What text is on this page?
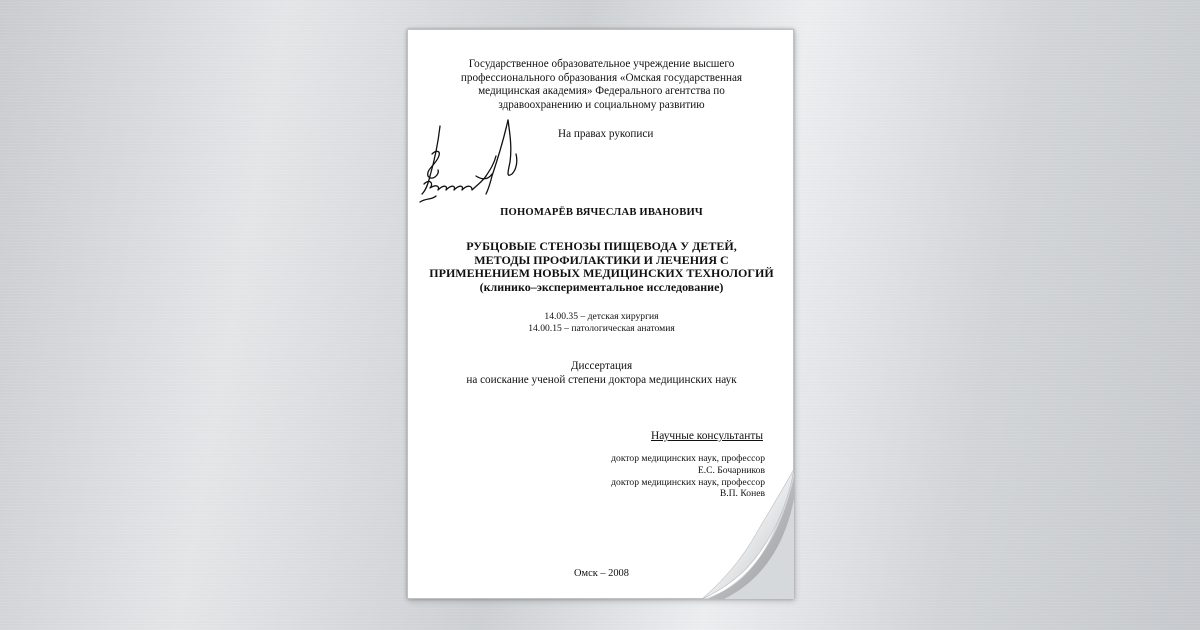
Государственное образовательное учреждение высшего
профессионального образования «Омская государственная
медицинская академия» Федерального агентства по
здравоохранению и социальному развитию
На правах рукописи
ПОНОМАРЁВ ВЯЧЕСЛАВ ИВАНОВИЧ
РУБЦОВЫЕ СТЕНОЗЫ ПИЩЕВОДА У ДЕТЕЙ,
МЕТОДЫ ПРОФИЛАКТИКИ И ЛЕЧЕНИЯ С
ПРИМЕНЕНИЕМ НОВЫХ МЕДИЦИНСКИХ ТЕХНОЛОГИЙ
(клинико–экспериментальное исследование)
14.00.35 – детская хирургия
14.00.15 – патологическая анатомия
Диссертация
на соискание ученой степени доктора медицинских наук
Научные консультанты
доктор медицинских наук, профессор
Е.С. Бочарников
доктор медицинских наук, профессор
В.П. Конев
Омск – 2008
